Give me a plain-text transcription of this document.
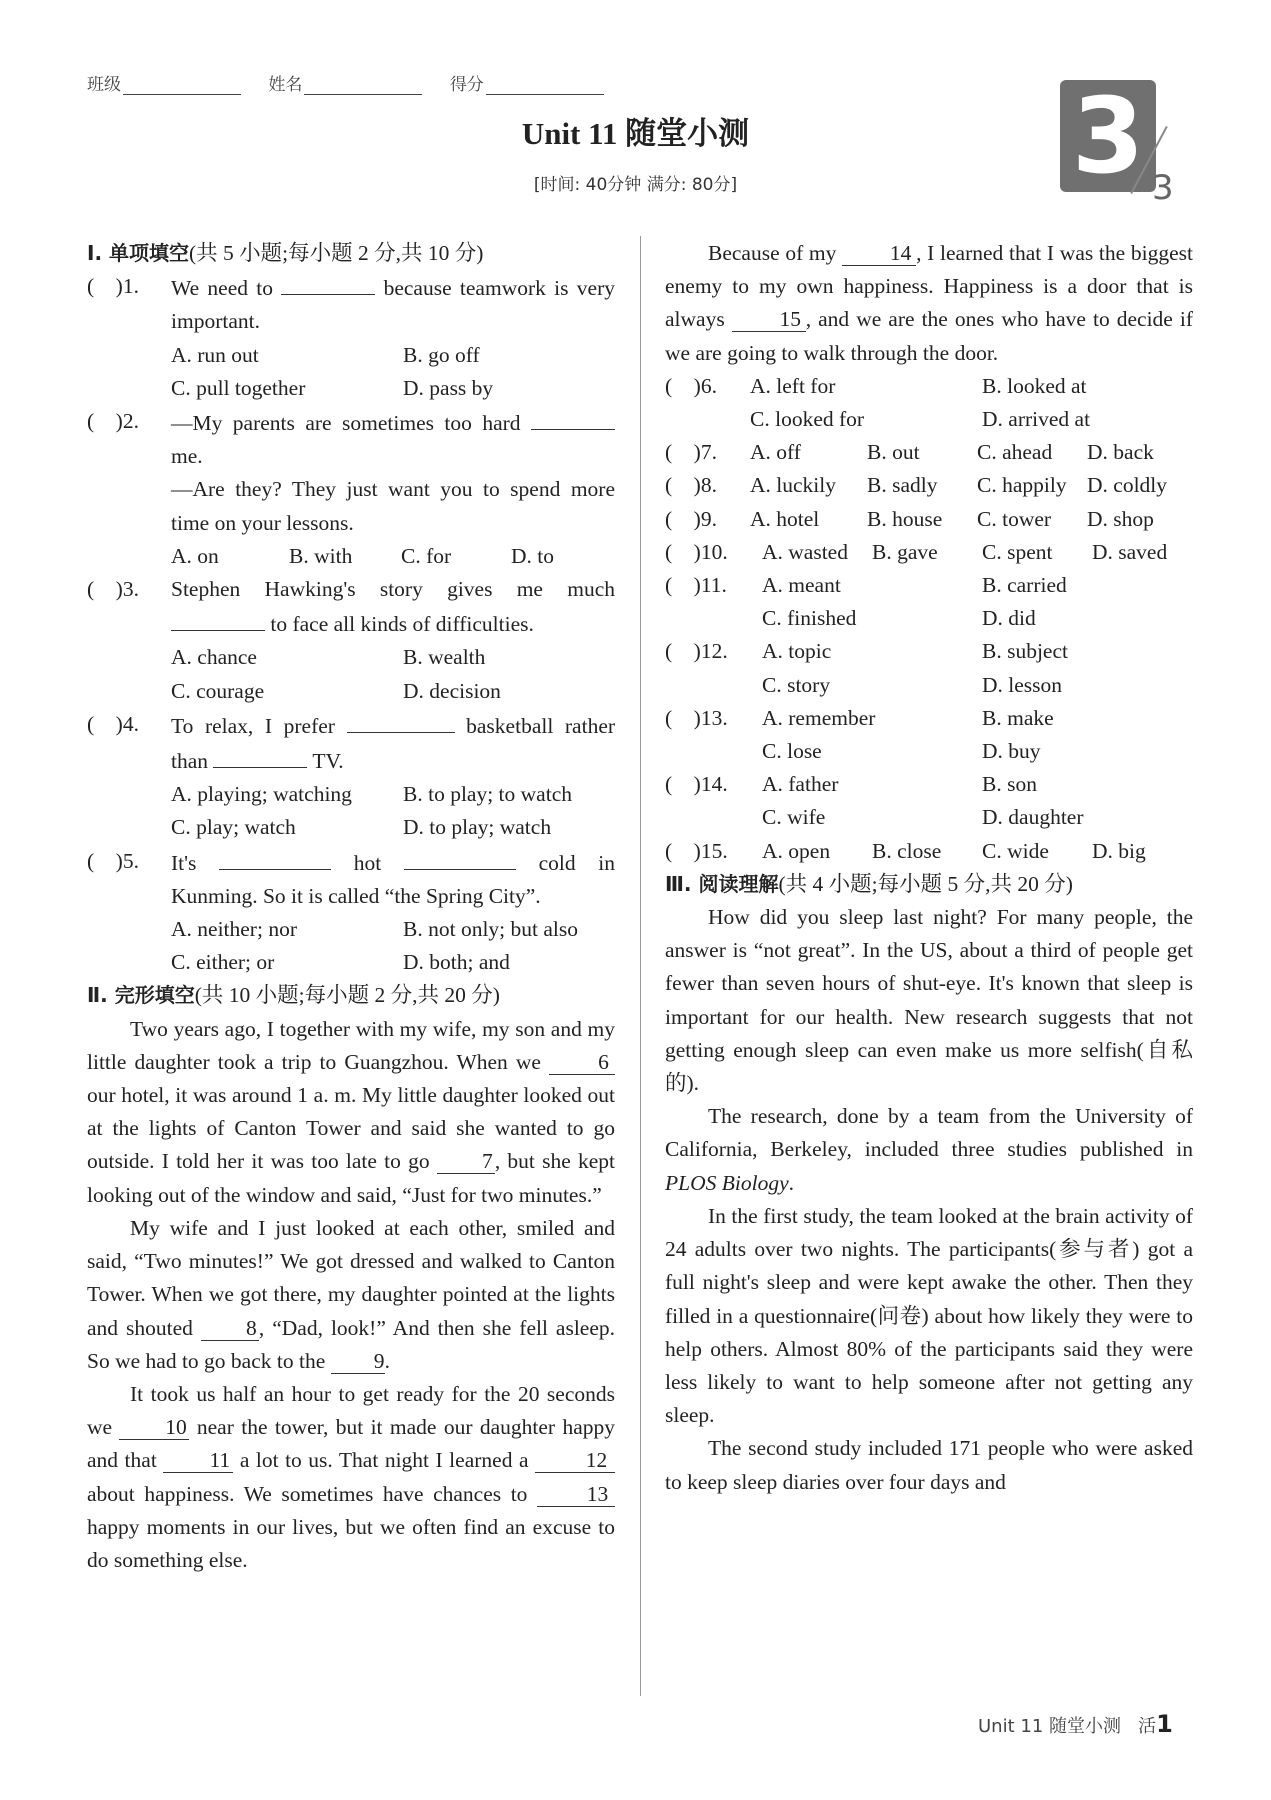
班级	姓名	得分
Unit 11 随堂小测
[时间: 40分钟 满分: 80分]	3 3
Ⅰ. 单项填空(共 5 小题;每小题 2 分,共 10 分)
(　)1.	We need to	because teamwork is very important.
A. run out	B. go off
C. pull together	D. pass by
(　)2.	—My parents are sometimes too hard  me.
—Are they? They just want you to spend more time on your lessons.
A. on	B. with	C. for	D. to
(　)3.	Stephen Hawking's story gives me much  to face all kinds of difficulties.
A. chance	B. wealth
C. courage	D. decision
(　)4.	To relax, I prefer	basketball rather than	TV.
A. playing; watching	B. to play; to watch
C. play; watch	D. to play; watch
(　)5.	It's	hot	cold in Kunming. So it is called “the Spring City”.
A. neither; nor	B. not only; but also
C. either; or	D. both; and
Ⅱ. 完形填空(共 10 小题;每小题 2 分,共 20 分)
Two years ago, I together with my wife, my son and my little daughter took a trip to Guangzhou. When we	6 our hotel, it was around 1 a. m. My little daughter looked out at the lights of Canton Tower and said she wanted to go outside. I told her it was too late to go 7, but she kept looking out of the window and said, “Just for two minutes.”
My wife and I just looked at each other, smiled and said, “Two minutes!” We got dressed and walked to Canton Tower. When we got there, my daughter pointed at the lights and shouted 8, “Dad, look!” And then she fell asleep. So we had to go back to the 9.
It took us half an hour to get ready for the 20 seconds we 10 near the tower, but it made our daughter happy and that 11 a lot to us. That night I learned a	12 about happiness. We sometimes have chances to	13 happy moments in our lives, but we often find an excuse to do something else.
Because of my 14 , I learned that I was the biggest enemy to my own happiness. Happiness is a door that is always	15 , and we are the ones who have to decide if we are going to walk through the door.
(　)6.	A. left for	B. looked at
C. looked for	D. arrived at
(　)7.	A. off	B. out	C. ahead	D. back
(　)8.	A. luckily	B. sadly	C. happily D. coldly
(　)9.	A. hotel	B. house	C. tower	D. shop
(　)10.	A. wasted	B. gave	C. spent	D. saved
(　)11.	A. meant	B. carried
C. finished	D. did
(　)12.	A. topic	B. subject
C. story	D. lesson
(　)13.	A. remember	B. make
C. lose	D. buy
(　)14.	A. father	B. son
C. wife	D. daughter
(　)15.	A. open	B. close	C. wide	D. big
Ⅲ. 阅读理解(共 4 小题;每小题 5 分,共 20 分)
How did you sleep last night? For many people, the answer is “not great”. In the US, about a third of people get fewer than seven hours of shut-eye. It's known that sleep is important for our health. New research suggests that not getting enough sleep can even make us more selfish(自私的).
The research, done by a team from the University of California, Berkeley, included three studies published in PLOS Biology.
In the first study, the team looked at the brain activity of 24 adults over two nights. The participants(参与者) got a full night's sleep and were kept awake the other. Then they filled in a questionnaire(问卷) about how likely they were to help others. Almost 80% of the participants said they were less likely to want to help someone after not getting any sleep.
The second study included 171 people who were asked to keep sleep diaries over four days and
Unit 11 随堂小测 活1
